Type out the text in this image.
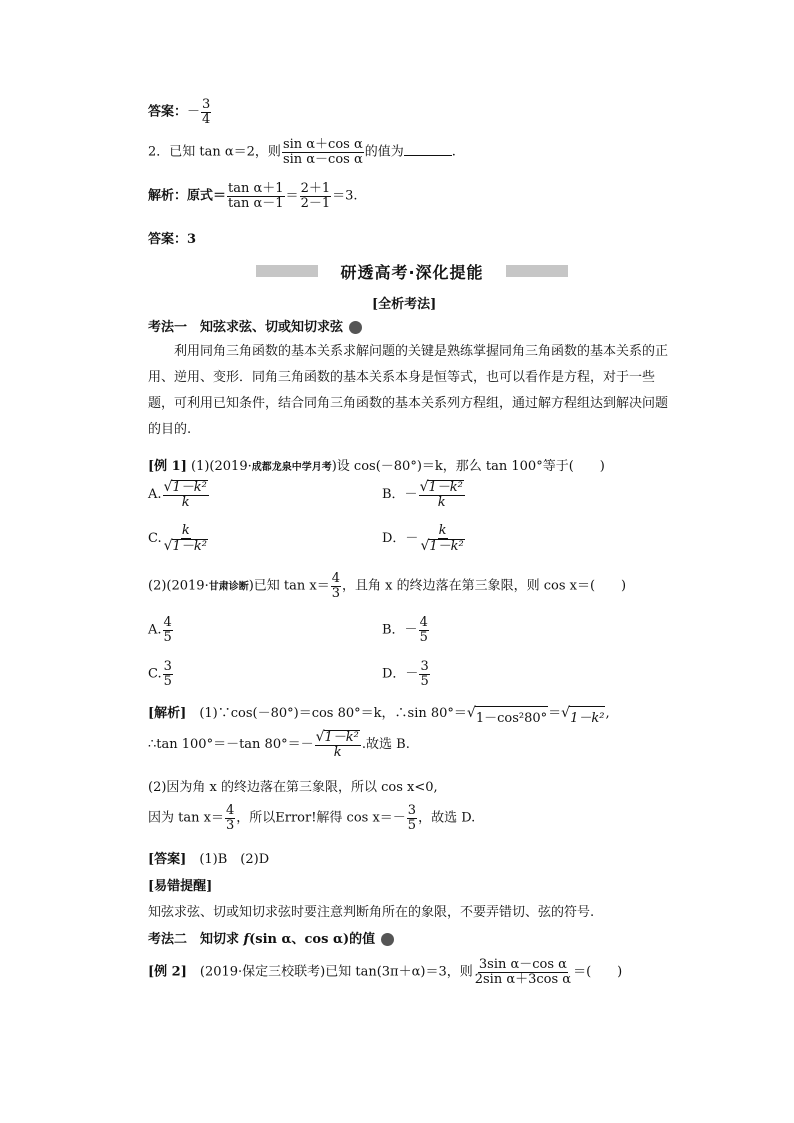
答案：－ $\frac{3}{4}$
2．已知 tan α＝2，则 $\frac{\text{sin α＋cos α}}{\text{sin α－cos α}}$ 的值为	.
解析：原式＝ $\frac{\text{tan α＋1}}{\text{tan α－1}} = \frac{2+1}{2-1} =3$.
答案：3
研透高考·深化提能
[全析考法]
考法一　知弦求弦、切或知切求弦
利用同角三角函数的基本关系求解问题的关键是熟练掌握同角三角函数的基本关系的正用、逆用、变形．同角三角函数的基本关系本身是恒等式，也可以看作是方程，对于一些题，可利用已知条件，结合同角三角函数的基本关系列方程组，通过解方程组达到解决问题的目的.
[例 1] (1)(2019·成都龙泉中学月考)设 cos(－80°)＝k，那么 tan 100°等于(　　)
A. $\frac{\text{√ 1－k²}}{k}$	B．－ $\frac{\text{√ 1－k²}}{k}$
C. $\frac{k}{\text{√ 1－k²}}$	D．－ $\frac{k}{\text{√ 1－k²}}$
(2)(2019·甘肃诊断)已知 $\tan x= \frac{4}{3}$ ，且角 x 的终边落在第三象限，则 cos x＝(　　)
A. $\frac{4}{5}$	B．－ $\frac{4}{5}$
C. $\frac{3}{5}$	D．－ $\frac{3}{5}$
[解析]　(1)∵cos(－80°)＝cos 80°＝k，∴sin 80°＝ √ 1－cos²80° ＝ √ 1－k² ,
∴tan 100°＝－tan $80^\circ=- \frac{\text{√ 1－k²}}{k}$ .故选 B.
(2)因为角 x 的终边落在第三象限，所以 cos x<0,
因为 $\tan x= \frac{4}{3}$ ，所以Error!解得 $\cos x=- \frac{3}{5}$ ，故选 D.
[答案]　(1)B　(2)D
[易错提醒]
知弦求弦、切或知切求弦时要注意判断角所在的象限，不要弄错切、弦的符号.
考法二　知切求 f(sin α、cos α)的值
[例 2]　(2019·保定三校联考)已知 tan(3π＋α)＝3，则 $\frac{\text{3sin α－cos α}}{\text{2sin α＋3cos α}}$ ＝(　　)
